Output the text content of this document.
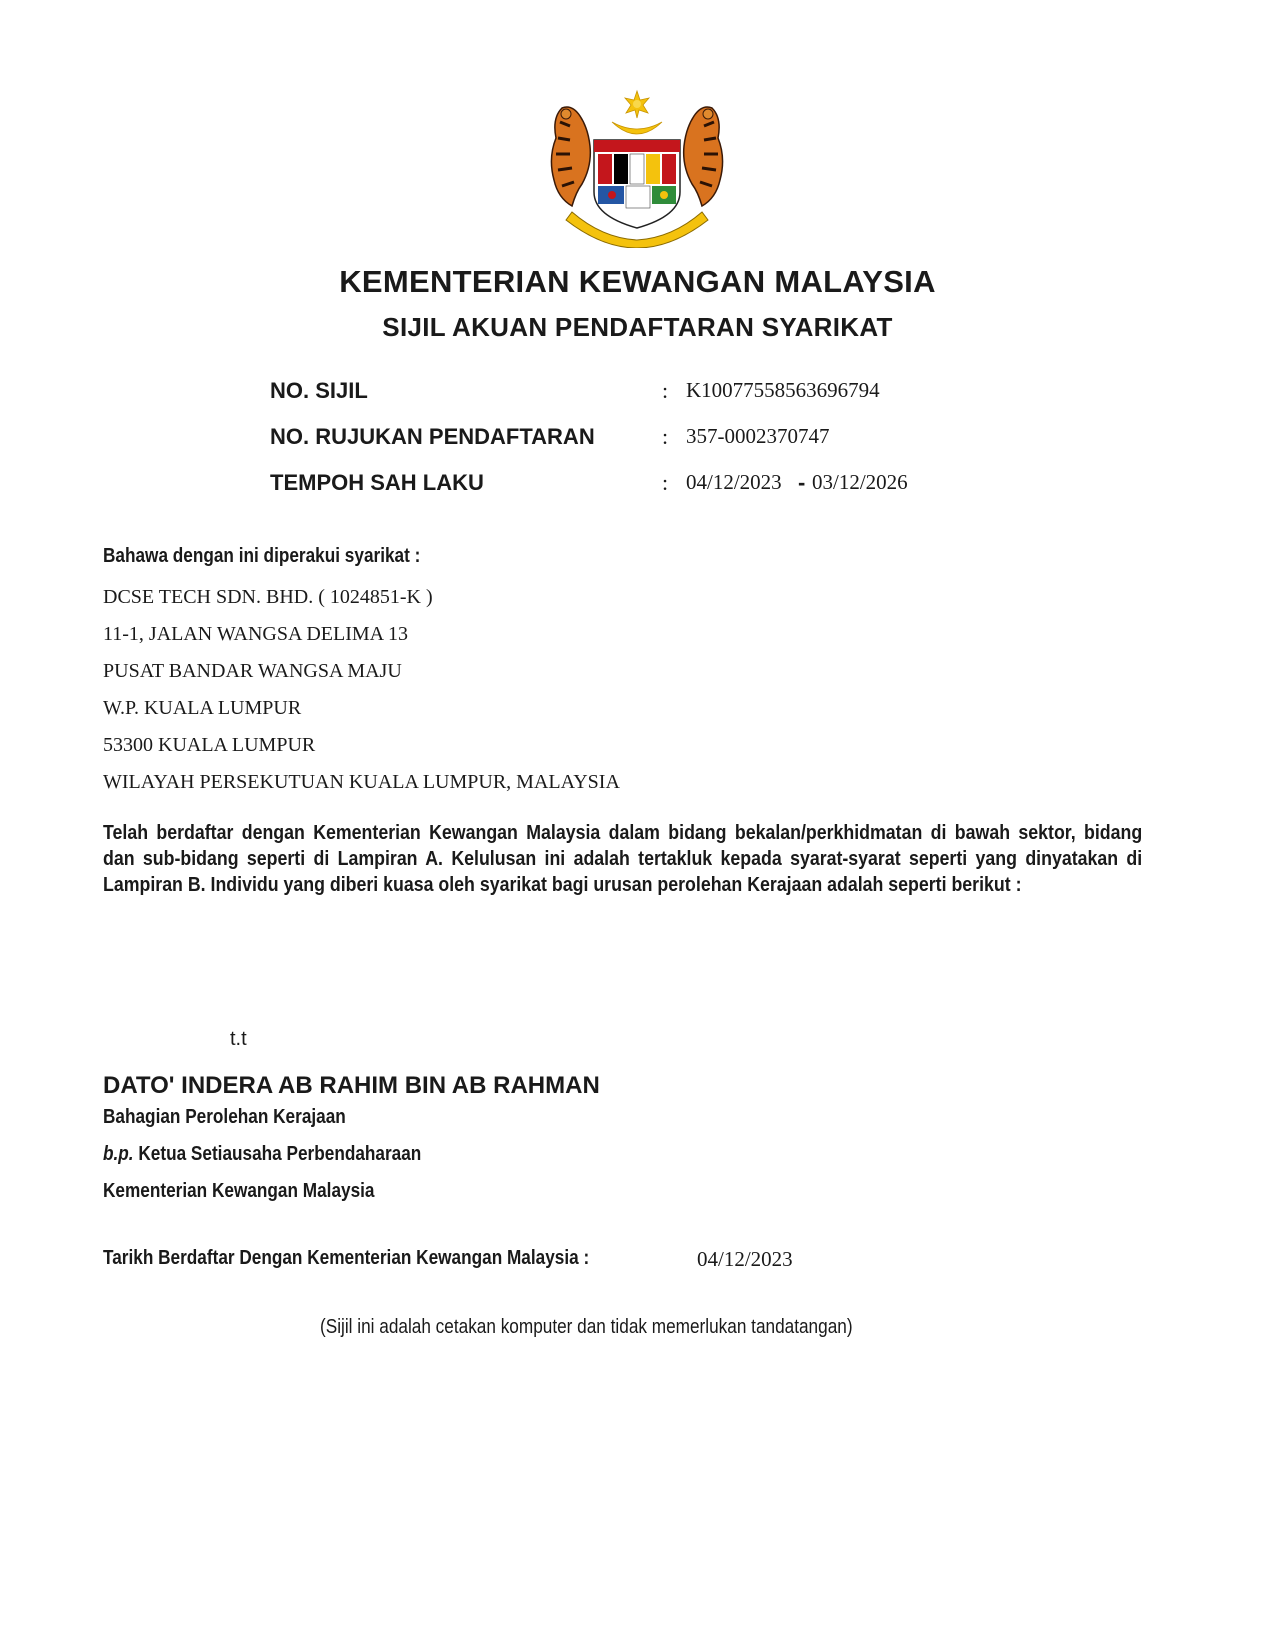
KEMENTERIAN KEWANGAN MALAYSIA
SIJIL AKUAN PENDAFTARAN SYARIKAT
NO. SIJIL	: K10077558563696794
NO. RUJUKAN PENDAFTARAN	: 357-0002370747
TEMPOH SAH LAKU	: 04/12/2023 - 03/12/2026
Bahawa dengan ini diperakui syarikat :
DCSE TECH SDN. BHD. ( 1024851-K )
11-1, JALAN WANGSA DELIMA 13
PUSAT BANDAR WANGSA MAJU
W.P. KUALA LUMPUR
53300 KUALA LUMPUR
WILAYAH PERSEKUTUAN KUALA LUMPUR, MALAYSIA
Telah berdaftar dengan Kementerian Kewangan Malaysia dalam bidang bekalan/perkhidmatan di bawah sektor, bidang
dan sub-bidang seperti di Lampiran A. Kelulusan ini adalah tertakluk kepada syarat-syarat seperti yang dinyatakan di
Lampiran B. Individu yang diberi kuasa oleh syarikat bagi urusan perolehan Kerajaan adalah seperti berikut :
t.t
DATO' INDERA AB RAHIM BIN AB RAHMAN
Bahagian Perolehan Kerajaan
b.p. Ketua Setiausaha Perbendaharaan
Kementerian Kewangan Malaysia
Tarikh Berdaftar Dengan Kementerian Kewangan Malaysia :	04/12/2023
(Sijil ini adalah cetakan komputer dan tidak memerlukan tandatangan)
